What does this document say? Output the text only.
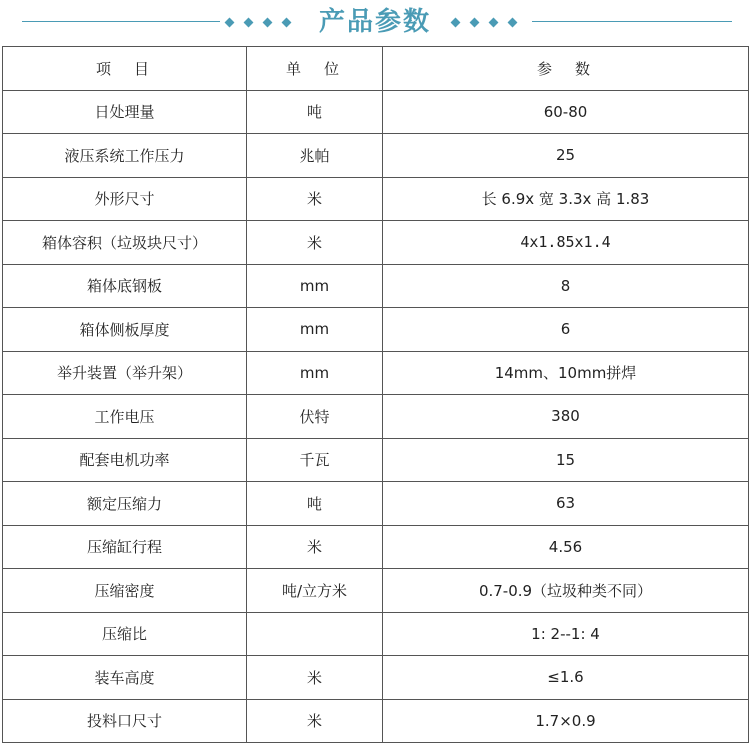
产品参数
项　目	单　位	参　数
日处理量	吨	60-80
液压系统工作压力	兆帕	25
外形尺寸	米	长 6.9x 宽 3.3x 高 1.83
箱体容积（垃圾块尺寸）	米	4x1.85x1.4
箱体底钢板	mm	8
箱体侧板厚度	mm	6
举升装置（举升架）	mm	14mm、10mm拼焊
工作电压	伏特	380
配套电机功率	千瓦	15
额定压缩力	吨	63
压缩缸行程	米	4.56
压缩密度	吨/立方米	0.7-0.9（垃圾种类不同）
压缩比		1: 2--1: 4
装车高度	米	≤1.6
投料口尺寸	米	1.7×0.9
